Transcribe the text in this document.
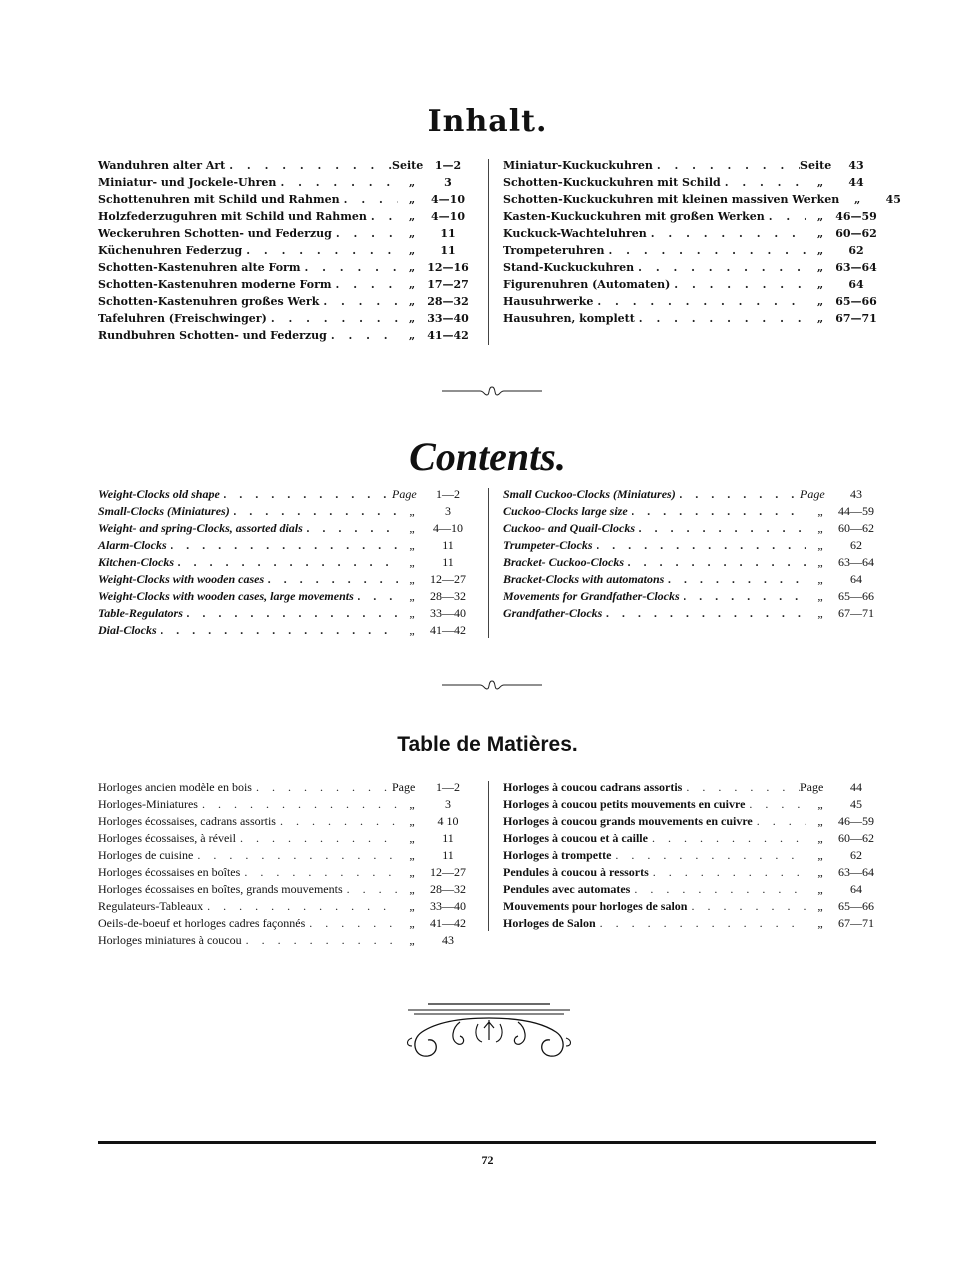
Inhalt.
Wanduhren alter Art . . .	Seite	1—2
Miniatur- und Jockele-Uhren . . .	„	3
Schottenuhren mit Schild und Rahmen . . .	„	4—10
Holzfederzuguhren mit Schild und Rahmen . . .	„	4—10
Weckeruhren Schotten- und Federzug . . .	„	11
Küchenuhren Federzug . . .	„	11
Schotten-Kastenuhren alte Form . . .	„	12—16
Schotten-Kastenuhren moderne Form . . .	„	17—27
Schotten-Kastenuhren großes Werk . . .	„	28—32
Tafeluhren (Freischwinger) . . .	„	33—40
Rundbuhren Schotten- und Federzug . . .	„	41—42
Miniatur-Kuckuckuhren . . .	Seite	43
Schotten-Kuckuckuhren mit Schild . . .	„	44
Schotten-Kuckuckuhren mit kleinen massiven Werken	„	45
Kasten-Kuckuckuhren mit großen Werken . . .	„	46—59
Kuckuck-Wachteluhren . . .	„	60—62
Trompeteruhren . . .	„	62
Stand-Kuckuckuhren . . .	„	63—64
Figurenuhren (Automaten) . . .	„	64
Hausuhrwerke . . .	„	65—66
Hausuhren, komplett . . .	„	67—71
Contents.
Weight-Clocks old shape . . .	Page	1—2
Small-Clocks (Miniatures) . . .	„	3
Weight- and spring-Clocks, assorted dials . . .	„	4—10
Alarm-Clocks . . .	„	11
Kitchen-Clocks . . .	„	11
Weight-Clocks with wooden cases . . .	„	12—27
Weight-Clocks with wooden cases, large movements . . .	„	28—32
Table-Regulators . . .	„	33—40
Dial-Clocks . . .	„	41—42
Small Cuckoo-Clocks (Miniatures) . . .	Page	43
Cuckoo-Clocks large size . . .	„	44—59
Cuckoo- and Quail-Clocks . . .	„	60—62
Trumpeter-Clocks . . .	„	62
Bracket- Cuckoo-Clocks . . .	„	63—64
Bracket-Clocks with automatons . . .	„	64
Movements for Grandfather-Clocks . . .	„	65—66
Grandfather-Clocks . . .	„	67—71
Table de Matières.
Horloges ancien modèle en bois . . .	Page	1—2
Horloges-Miniatures . . .	„	3
Horloges écossaises, cadrans assortis . . .	„	4 10
Horloges écossaises, à réveil . . .	„	11
Horloges de cuisine . . .	„	11
Horloges écossaises en boîtes . . .	„	12—27
Horloges écossaises en boîtes, grands mouvements . . .	„	28—32
Regulateurs-Tableaux . . .	„	33—40
Oeils-de-boeuf et horloges cadres façonnés . . .	„	41—42
Horloges miniatures à coucou . . .	„	43
Horloges à coucou cadrans assortis . . .	Page	44
Horloges à coucou petits mouvements en cuivre . . .	„	45
Horloges à coucou grands mouvements en cuivre . . .	„	46—59
Horloges à coucou et à caille . . .	„	60—62
Horloges à trompette . . .	„	62
Pendules à coucou à ressorts . . .	„	63—64
Pendules avec automates . . .	„	64
Mouvements pour horloges de salon . . .	„	65—66
Horloges de Salon . . .	„	67—71
72
